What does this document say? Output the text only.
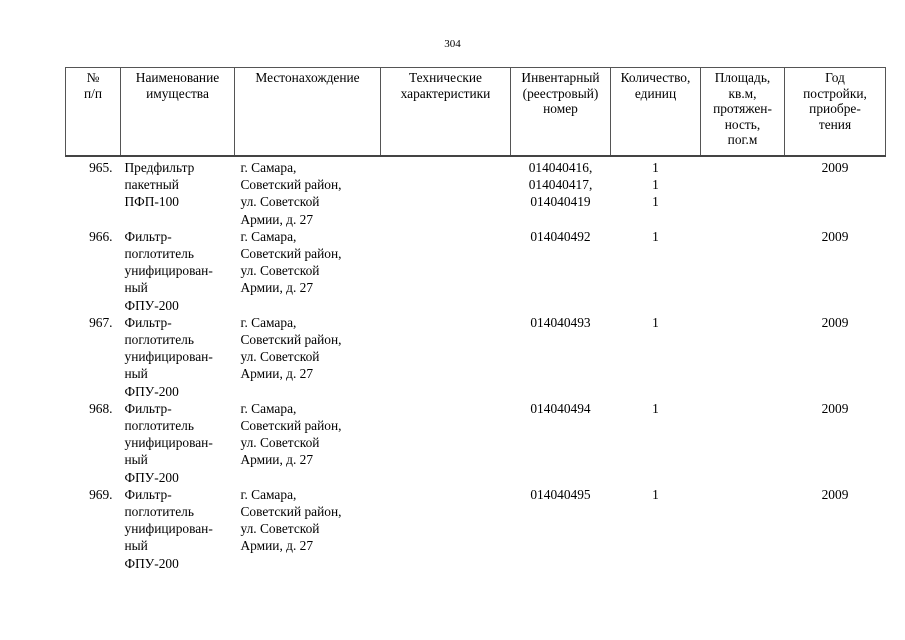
304
№
п/п	Наименование
имущества	Местонахождение	Технические
характеристики	Инвентарный
(реестровый)
номер	Количество,
единиц	Площадь,
кв.м,
протяжен-
ность,
пог.м	Год
постройки,
приобре-
тения
965.	Предфильтр
пакетный
ПФП-100	г. Самара,
Советский район,
ул. Советской
Армии, д. 27		014040416,
014040417,
014040419	1
1
1		2009
966.	Фильтр-
поглотитель
унифицирован-
ный
ФПУ-200	г. Самара,
Советский район,
ул. Советской
Армии, д. 27		014040492	1		2009
967.	Фильтр-
поглотитель
унифицирован-
ный
ФПУ-200	г. Самара,
Советский район,
ул. Советской
Армии, д. 27		014040493	1		2009
968.	Фильтр-
поглотитель
унифицирован-
ный
ФПУ-200	г. Самара,
Советский район,
ул. Советской
Армии, д. 27		014040494	1		2009
969.	Фильтр-
поглотитель
унифицирован-
ный
ФПУ-200	г. Самара,
Советский район,
ул. Советской
Армии, д. 27		014040495	1		2009
